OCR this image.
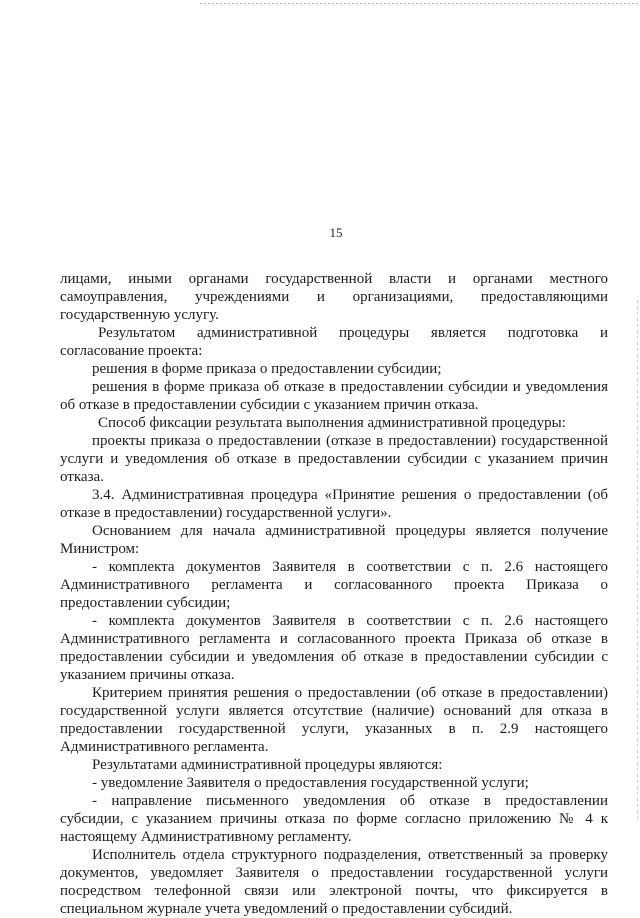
15
лицами, иными органами государственной власти и органами местного
самоуправления, учреждениями и организациями, предоставляющими
государственную услугу.
Результатом административной процедуры является подготовка и
согласование проекта:
решения в форме приказа о предоставлении субсидии;
решения в форме приказа об отказе в предоставлении субсидии и уведомления
об отказе в предоставлении субсидии с указанием причин отказа.
Способ фиксации результата выполнения административной процедуры:
проекты приказа о предоставлении (отказе в предоставлении) государственной
услуги и уведомления об отказе в предоставлении субсидии с указанием причин
отказа.
3.4. Административная процедура «Принятие решения о предоставлении (об
отказе в предоставлении) государственной услуги».
Основанием для начала административной процедуры является получение
Министром:
- комплекта документов Заявителя в соответствии с п. 2.6 настоящего
Административного регламента и согласованного проекта Приказа о
предоставлении субсидии;
- комплекта документов Заявителя в соответствии с п. 2.6 настоящего
Административного регламента и согласованного проекта Приказа об отказе в
предоставлении субсидии и уведомления об отказе в предоставлении субсидии с
указанием причины отказа.
Критерием принятия решения о предоставлении (об отказе в предоставлении)
государственной услуги является отсутствие (наличие) оснований для отказа в
предоставлении государственной услуги, указанных в п. 2.9 настоящего
Административного регламента.
Результатами административной процедуры являются:
- уведомление Заявителя о предоставления государственной услуги;
- направление письменного уведомления об отказе в предоставлении
субсидии, с указанием причины отказа по форме согласно приложению № 4 к
настоящему Административному регламенту.
Исполнитель отдела структурного подразделения, ответственный за проверку
документов, уведомляет Заявителя о предоставлении государственной услуги
посредством телефонной связи или электроной почты, что фиксируется в
специальном журнале учета уведомлений о предоставлении субсидий.
